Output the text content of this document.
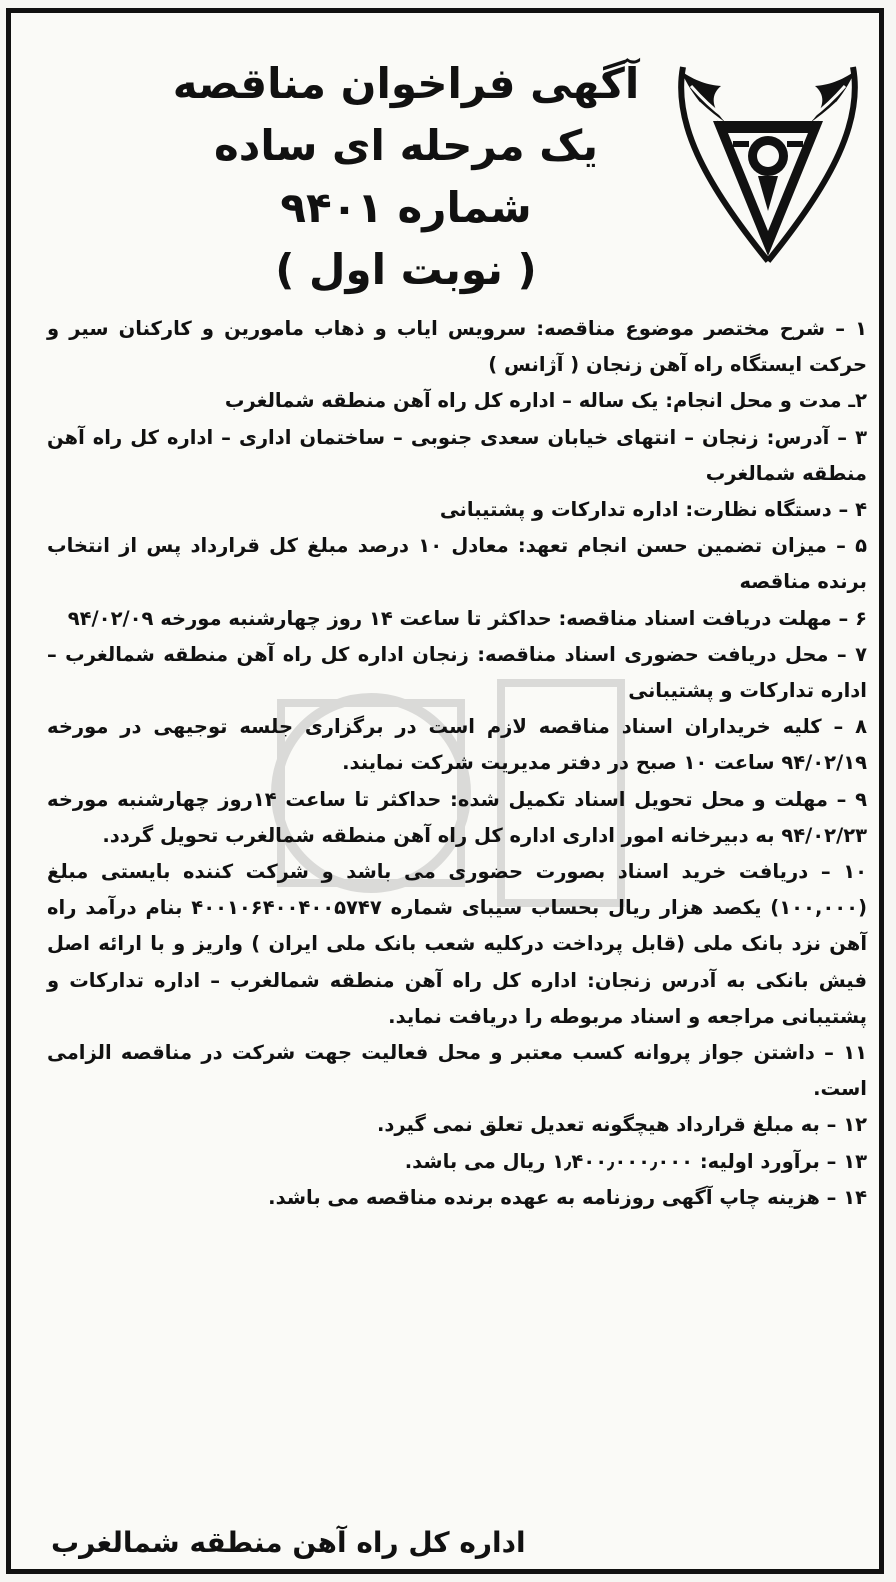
آگهی فراخوان مناقصه
یک مرحله ای ساده
شماره ۹۴۰۱
( نوبت اول )

۱ – شرح مختصر موضوع مناقصه: سرویس ایاب و ذهاب مامورین و کارکنان سیر و حرکت ایستگاه راه آهن زنجان ( آژانس )

۲ـ مدت و محل انجام: یک ساله – اداره کل راه آهن منطقه شمالغرب

۳ – آدرس: زنجان – انتهای خیابان سعدی جنوبی – ساختمان اداری – اداره کل راه آهن منطقه شمالغرب

۴ – دستگاه نظارت: اداره تدارکات و پشتیبانی

۵ – میزان تضمین حسن انجام تعهد: معادل ۱۰ درصد مبلغ کل قرارداد پس از انتخاب برنده مناقصه

۶ – مهلت دریافت اسناد مناقصه: حداکثر تا ساعت ۱۴ روز چهارشنبه مورخه ۹۴/۰۲/۰۹

۷ – محل دریافت حضوری اسناد مناقصه: زنجان اداره کل راه آهن منطقه شمالغرب – اداره تدارکات و پشتیبانی

۸ – کلیه خریداران اسناد مناقصه لازم است در برگزاری جلسه توجیهی در مورخه ۹۴/۰۲/۱۹ ساعت ۱۰ صبح در دفتر مدیریت شرکت نمایند.

۹ – مهلت و محل تحویل اسناد تکمیل شده: حداکثر تا ساعت ۱۴روز چهارشنبه مورخه ۹۴/۰۲/۲۳ به دبیرخانه امور اداری اداره کل راه آهن منطقه شمالغرب تحویل گردد.

۱۰ – دریافت خرید اسناد بصورت حضوری می باشد و شرکت کننده بایستی مبلغ (۱۰۰,۰۰۰) یکصد هزار ریال بحساب سیبای شماره ۴۰۰۱۰۶۴۰۰۴۰۰۵۷۴۷ بنام درآمد راه آهن نزد بانک ملی (قابل پرداخت درکلیه شعب بانک ملی ایران ) واریز و با ارائه اصل فیش بانکی به آدرس زنجان: اداره کل راه آهن منطقه شمالغرب – اداره تدارکات و پشتیبانی مراجعه و اسناد مربوطه را دریافت نماید.

۱۱ – داشتن جواز پروانه کسب معتبر و محل فعالیت جهت شرکت در مناقصه الزامی است.

۱۲ – به مبلغ قرارداد هیچگونه تعدیل تعلق نمی گیرد.

۱۳ – برآورد اولیه: ۱٫۴۰۰٫۰۰۰٫۰۰۰ ریال می باشد.

۱۴ – هزینه چاپ آگهی روزنامه به عهده برنده مناقصه می باشد.

اداره کل راه آهن منطقه شمالغرب
